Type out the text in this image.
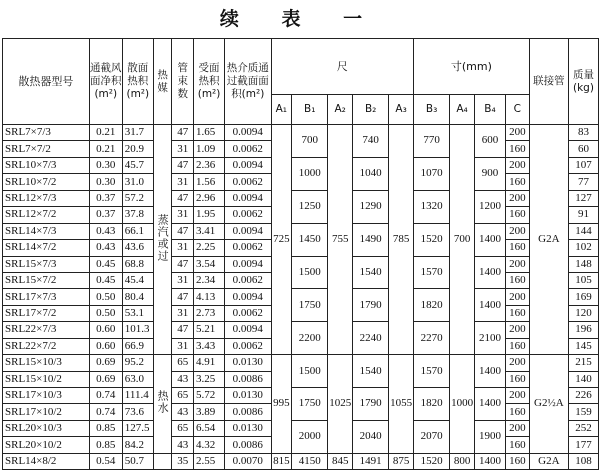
续 表 一
散热器型号	通截风面净积(m²)	散面热积(m²)	热媒	管束数	受面热积(m²)	热介质通过截面面积(m²)	尺					寸(mm)				联接管	质量(kg)
							A₁	B₁	A₂	B₂	A₃	B₃	A₄	B₄	C		
SRL7×7/3	0.21	31.7	蒸汽或过	47	1.65	0.0094	725	700	755	740	785	770	700	600	200	G2A	83
SRL7×7/2	0.21	20.9		31	1.09	0.0062									160		60
SRL10×7/3	0.30	45.7		47	2.36	0.0094		1000		1040		1070		900	200		107
SRL10×7/2	0.30	31.0		31	1.56	0.0062									160		77
SRL12×7/3	0.37	57.2		47	2.96	0.0094		1250		1290		1320		1200	200		127
SRL12×7/2	0.37	37.8		31	1.95	0.0062									160		91
SRL14×7/3	0.43	66.1		47	3.41	0.0094		1450		1490		1520		1400	200		144
SRL14×7/2	0.43	43.6		31	2.25	0.0062									160		102
SRL15×7/3	0.45	68.8		47	3.54	0.0094		1500		1540		1570		1400	200		148
SRL15×7/2	0.45	45.4		31	2.34	0.0062									160		105
SRL17×7/3	0.50	80.4		47	4.13	0.0094		1750		1790		1820		1400	200		169
SRL17×7/2	0.50	53.1		31	2.73	0.0062									160		120
SRL22×7/3	0.60	101.3		47	5.21	0.0094		2200		2240		2270		2100	200		196
SRL22×7/2	0.60	66.9		31	3.43	0.0062									160		145
SRL15×10/3	0.69	95.2	热水	65	4.91	0.0130	995	1500	1025	1540	1055	1570	1000	1400	200	G2½A	215
SRL15×10/2	0.69	63.0		43	3.25	0.0086									160		140
SRL17×10/3	0.74	111.4		65	5.72	0.0130		1750		1790		1820		1400	200		226
SRL17×10/2	0.74	73.6		43	3.89	0.0086									160		159
SRL20×10/3	0.85	127.5		65	6.54	0.0130		2000		2040		2070		1900	200		252
SRL20×10/2	0.85	84.2		43	4.32	0.0086									160		177
SRL14×8/2	0.54	50.7		35	2.55	0.0070	815	4150	845	1491	875	1520	800	1400	160	G2A	108
